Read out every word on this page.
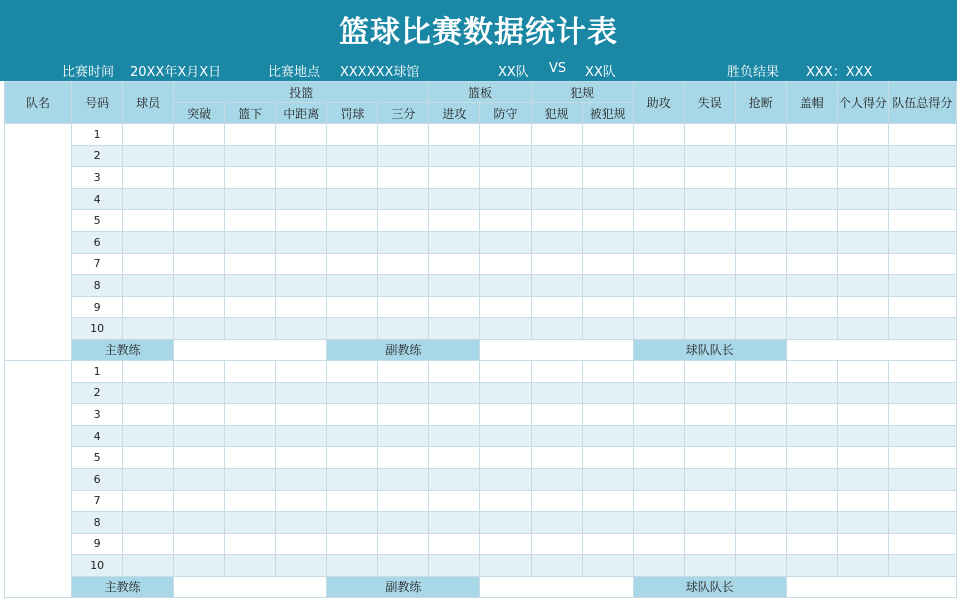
篮球比赛数据统计表
比赛时间 20XX年X月X日	比赛地点 XXXXXX球馆	XX队 VS XX队	胜负结果 XXX：XXX
队名	号码	球员	投篮					篮板		犯规		助攻	失误	抢断	盖帽	个人得分	队伍总得分
			突破	篮下	中距离	罚球	三分	进攻	防守	犯规	被犯规						
	1																
	2																
	3																
	4																
	5																
	6																
	7																
	8																
	9																
	10																
	主教练					副教练						球队队长					
	1																
	2																
	3																
	4																
	5																
	6																
	7																
	8																
	9																
	10																
	主教练					副教练						球队队长					
